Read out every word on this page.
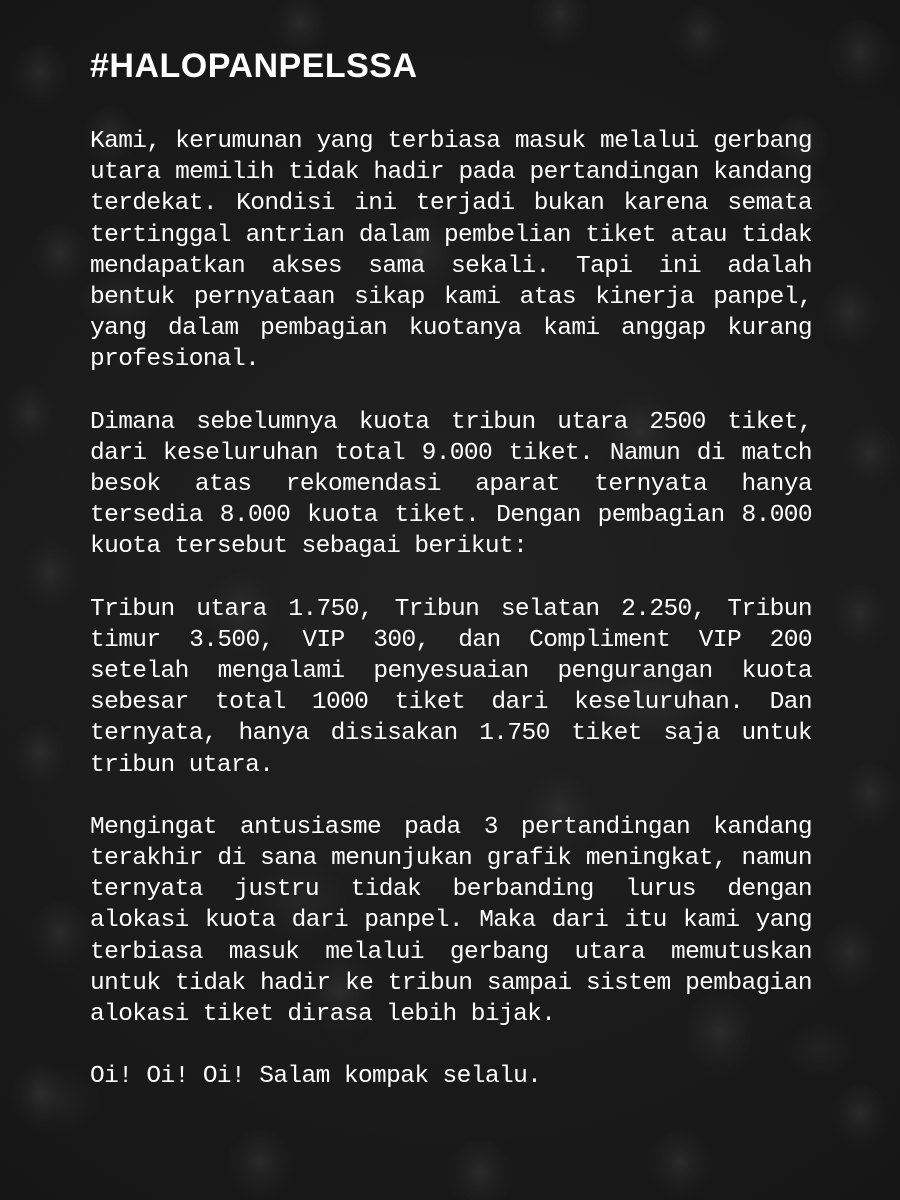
#HALOPANPELSSA

Kami, kerumunan yang terbiasa masuk melalui gerbang utara memilih tidak hadir pada pertandingan kandang terdekat. Kondisi ini terjadi bukan karena semata tertinggal antrian dalam pembelian tiket atau tidak mendapatkan akses sama sekali. Tapi ini adalah bentuk pernyataan sikap kami atas kinerja panpel, yang dalam pembagian kuotanya kami anggap kurang profesional.

Dimana sebelumnya kuota tribun utara 2500 tiket, dari keseluruhan total 9.000 tiket. Namun di match besok atas rekomendasi aparat ternyata hanya tersedia 8.000 kuota tiket. Dengan pembagian 8.000 kuota tersebut sebagai berikut:

Tribun utara 1.750, Tribun selatan 2.250, Tribun timur 3.500, VIP 300, dan Compliment VIP 200 setelah mengalami penyesuaian pengurangan kuota sebesar total 1000 tiket dari keseluruhan. Dan ternyata, hanya disisakan 1.750 tiket saja untuk tribun utara.

Mengingat antusiasme pada 3 pertandingan kandang terakhir di sana menunjukan grafik meningkat, namun ternyata justru tidak berbanding lurus dengan alokasi kuota dari panpel. Maka dari itu kami yang terbiasa masuk melalui gerbang utara memutuskan untuk tidak hadir ke tribun sampai sistem pembagian alokasi tiket dirasa lebih bijak.

Oi! Oi! Oi! Salam kompak selalu.
